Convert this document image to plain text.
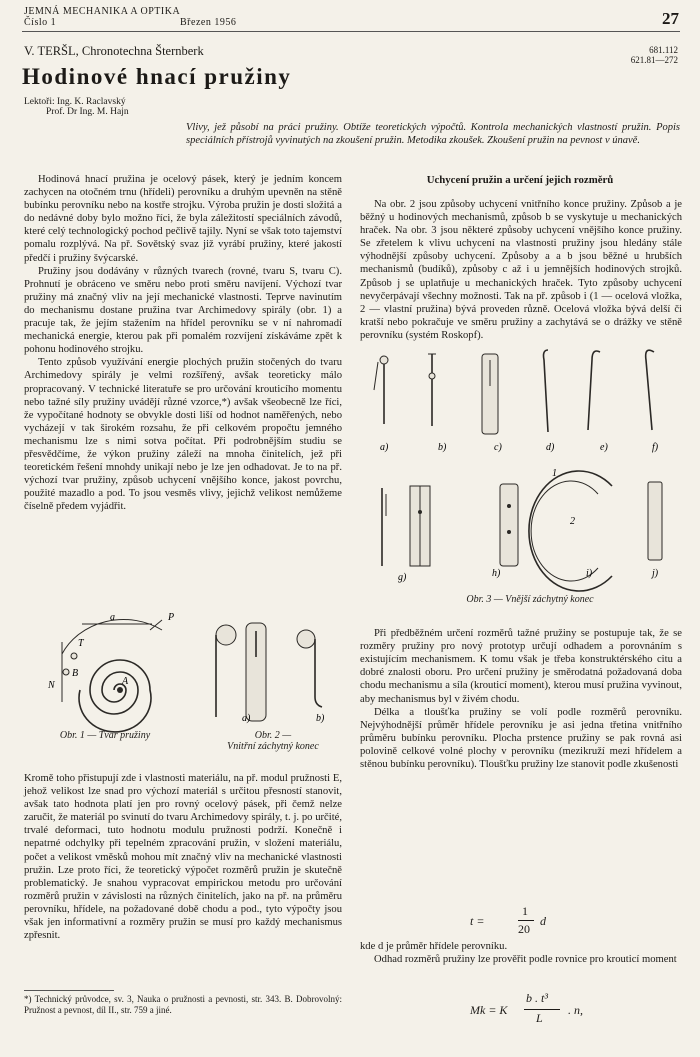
JEMNÁ MECHANIKA A OPTIKA
Číslo 1	Březen 1956	27
V. TERŠL, Chronotechna Šternberk	681.112
621.81—272
Hodinové hnací pružiny
Lektoři: Ing. K. Raclavský
Prof. Dr Ing. M. Hajn
Vlivy, jež působí na práci pružiny. Obtíže teoretických výpočtů. Kontrola mechanických vlastností pružin. Popis speciálních přístrojů vyvinutých na zkoušení pružin. Metodika zkoušek. Zkoušení pružin na pevnost v únavě.

Hodinová hnací pružina je ocelový pásek, který je jedním koncem zachycen na otočném trnu (hřídeli) perovníku a druhým upevněn na stěně bubínku perovníku nebo na kostře strojku. Výroba pružin je dosti složitá a do nedávné doby bylo možno říci, že byla záležitostí speciálních závodů, které celý technologický pochod pečlivě tajily. Nyní se však toto tajemství pomalu rozplývá. Na př. Sovětský svaz již vyrábí pružiny, které jakostí předčí i pružiny švýcarské.

Pružiny jsou dodávány v různých tvarech (rovné, tvaru S, tvaru C). Prohnutí je obráceno ve směru nebo proti směru navíjení. Výchozí tvar pružiny má značný vliv na její mechanické vlastnosti. Teprve navinutím do mechanismu dostane pružina tvar Archimedovy spirály (obr. 1) a pracuje tak, že jejím stažením na hřídel perovníku se v ní nahromadí mechanická energie, kterou pak při pomalém rozvíjení získáváme zpět k pohonu hodinového strojku.

Tento způsob využívání energie plochých pružin stočených do tvaru Archimedovy spirály je velmi rozšířený, avšak teoreticky málo propracovaný. V technické literatuře se pro určování krouticího momentu nebo tažné síly pružiny uvádějí různé vzorce,*) avšak všeobecně lze říci, že vypočítané hodnoty se obvykle dosti liší od hodnot naměřených, nebo vycházejí v tak širokém rozsahu, že při celkovém propočtu jemného mechanismu lze s nimi sotva počítat. Při podrobnějším studiu se přesvědčíme, že výkon pružiny záleží na mnoha činitelích, jež při teoretickém řešení mnohdy unikají nebo je lze jen odhadovat. Je to na př. výchozí tvar pružiny, způsob uchycení vnějšího konce, jakost povrchu, použité mazadlo a pod. To jsou vesměs vlivy, jejichž velikost nemůžeme číselně předem vyjádřit.

a	P
T
B
N	A
Obr. 1 — Tvar pružiny
a)	b)
Obr. 2 —
Vnitřní záchytný konec

Kromě toho přistupují zde i vlastnosti materiálu, na př. modul pružnosti E, jehož velikost lze snad pro výchozí materiál s určitou přesností stanovit, avšak tato hodnota platí jen pro rovný ocelový pásek, při čemž nelze zaručit, že materiál po svinutí do tvaru Archimedovy spirály, t. j. po určité, trvalé deformaci, tuto hodnotu modulu pružnosti podrží. Konečně i nepatrné odchylky při tepelném zpracování pružin, v složení materiálu, počet a velikost vměsků mohou mít značný vliv na mechanické vlastnosti pružin. Lze proto říci, že teoretický výpočet rozměrů pružin je skutečně problematický. Je snahou vypracovat empirickou metodu pro určování rozměrů pružin v závislosti na různých činitelích, jako na př. na průměru perovníku, hřídele, na požadované době chodu a pod., tyto výpočty jsou však jen informativní a rozměry pružin se musí pro každý mechanismus zpřesnit.

*) Technický průvodce, sv. 3, Nauka o pružnosti a pevnosti, str. 343. B. Dobrovolný: Pružnost a pevnost, díl II., str. 759 a jiné.
Uchycení pružin a určení jejich rozměrů

Na obr. 2 jsou způsoby uchycení vnitřního konce pružiny. Způsob a je běžný u hodinových mechanismů, způsob b se vyskytuje u mechanických hraček. Na obr. 3 jsou některé způsoby uchycení vnějšího konce pružiny. Se zřetelem k vlivu uchycení na vlastnosti pružiny jsou hledány stále výhodnější způsoby uchycení. Způsoby a a b jsou běžné u hrubších mechanismů (budíků), způsoby c až i u jemnějších hodinových strojků. Způsob j se uplatňuje u mechanických hraček. Tyto způsoby uchycení nevyčerpávají všechny možnosti. Tak na př. způsob i (1 — ocelová vložka, 2 — vlastní pružina) bývá proveden různě. Ocelová vložka bývá delší či kratší nebo pokračuje ve směru pružiny a zachytává se o drážky ve stěně perovníku (systém Roskopf).

a)	b)	c)	d)	e)	f)
g)	h)	i)	j)
1
2
Obr. 3 — Vnější záchytný konec

Při předběžném určení rozměrů tažné pružiny se postupuje tak, že se rozměry pružiny pro nový prototyp určují odhadem a porovnáním s existujícím mechanismem. K tomu však je třeba konstruktérského citu a dobré znalosti oboru. Pro určení pružiny je směrodatná požadovaná doba chodu mechanismu a síla (krouticí moment), kterou musí pružina vyvinout, aby mechanismus byl v živém chodu.

Délka a tloušťka pružiny se volí podle rozměrů perovníku. Nejvýhodnější průměr hřídele perovníku je asi jedna třetina vnitřního průměru bubínku perovníku. Plocha prstence pružiny se pak rovná asi polovině celkové volné plochy v perovníku (mezikruží mezi hřídelem a stěnou bubínku perovníku). Tloušťku pružiny lze stanovit podle zkušenosti

t =
1
20
d

kde d je průměr hřídele perovníku.

Odhad rozměrů pružiny lze prověřit podle rovnice pro krouticí moment

Mk = K
b . t³
L
. n,
